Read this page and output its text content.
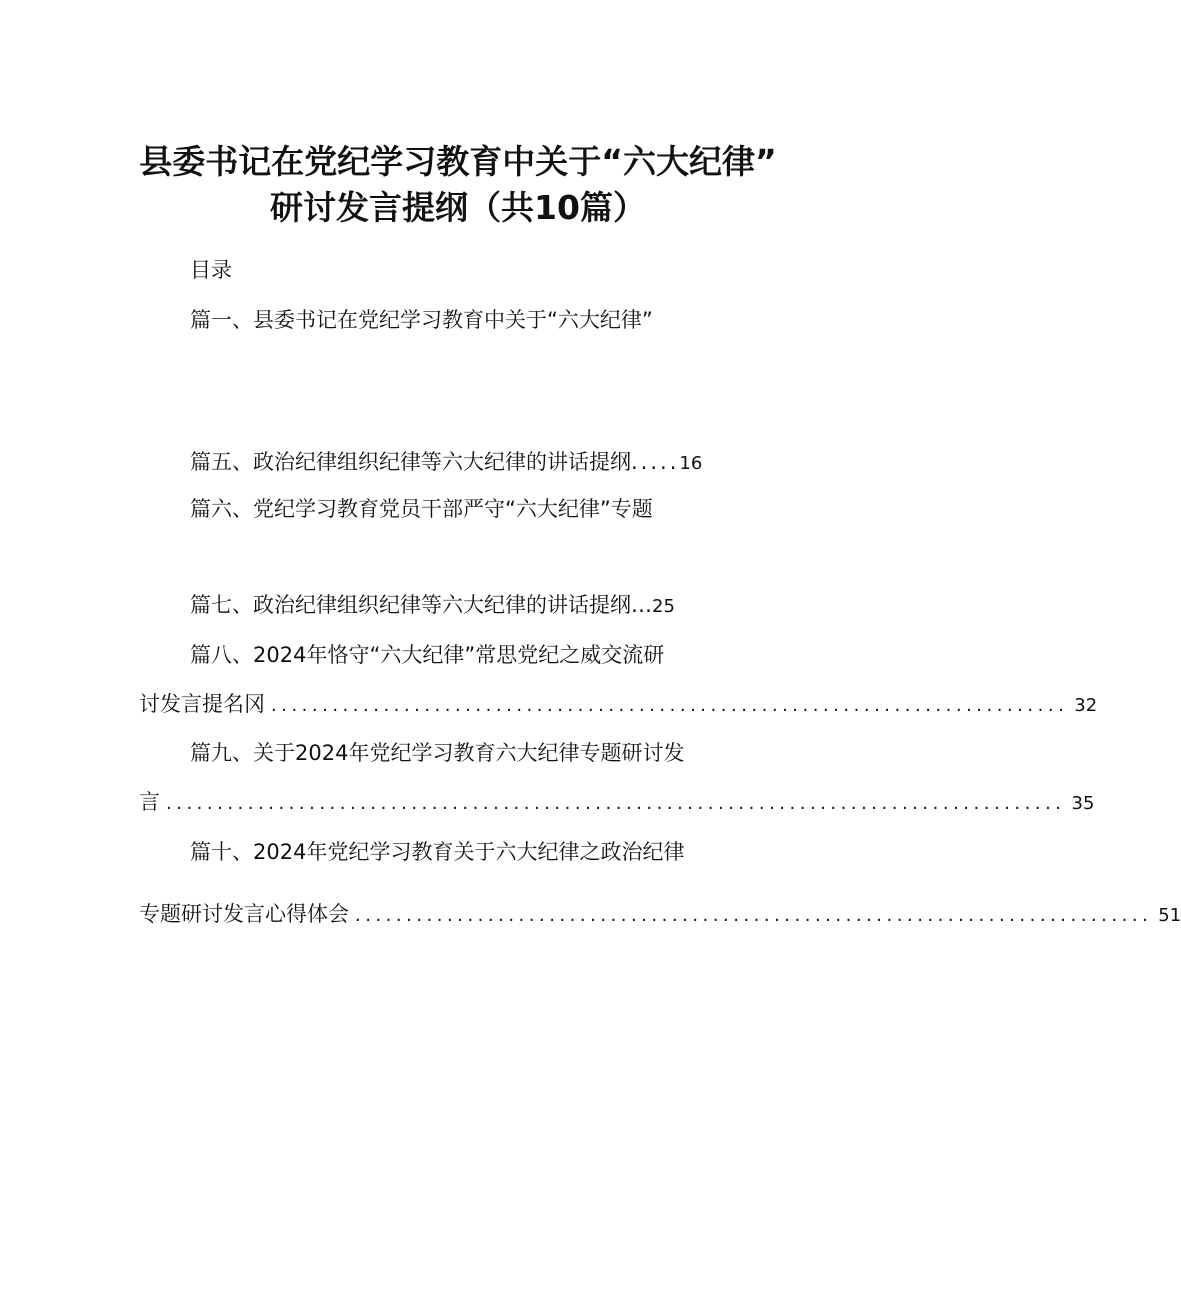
县委书记在党纪学习教育中关于“六大纪律”
研讨发言提纲（共10篇）
目录
篇一、县委书记在党纪学习教育中关于“六大纪律”
篇五、政治纪律组织纪律等六大纪律的讲话提纲.....16
篇六、党纪学习教育党员干部严守“六大纪律”专题
篇七、政治纪律组织纪律等六大纪律的讲话提纲…25
篇八、2024年恪守“六大纪律”常思党纪之威交流研
讨发言提名冈 .............................................................................. 32
篇九、关于2024年党纪学习教育六大纪律专题研讨发
言 ........................................................................................ 35
篇十、2024年党纪学习教育关于六大纪律之政治纪律
专题研讨发言心得体会 .............................................................................. 51
